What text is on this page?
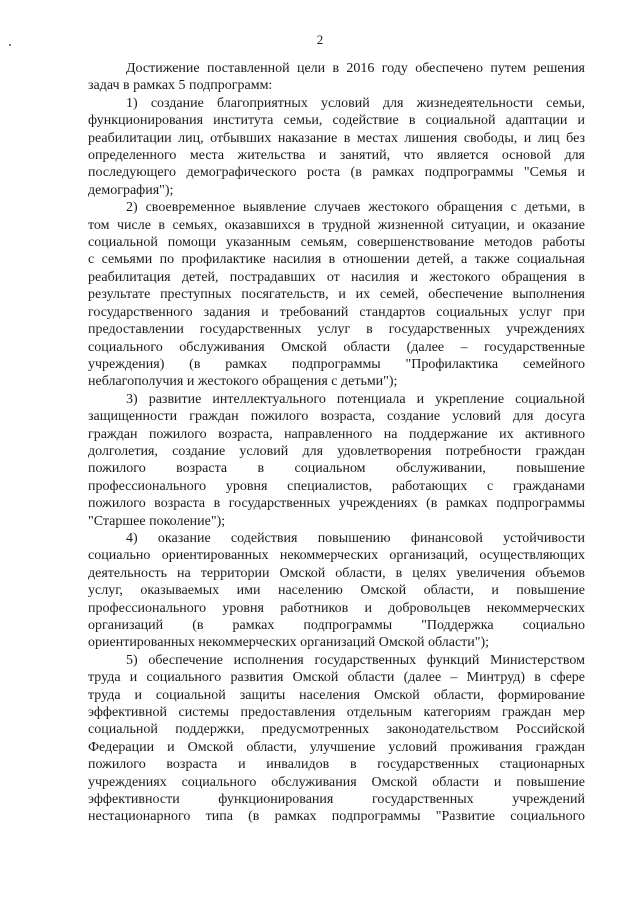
2

Достижение поставленной цели в 2016 году обеспечено путем решения
задач в рамках 5 подпрограмм:

1) создание благоприятных условий для жизнедеятельности семьи,
функционирования института семьи, содействие в социальной адаптации и
реабилитации лиц, отбывших наказание в местах лишения свободы, и лиц без
определенного места жительства и занятий, что является основой для
последующего демографического роста (в рамках подпрограммы "Семья и
демография");

2) своевременное выявление случаев жестокого обращения с детьми, в
том числе в семьях, оказавшихся в трудной жизненной ситуации, и оказание
социальной помощи указанным семьям, совершенствование методов работы
с семьями по профилактике насилия в отношении детей, а также социальная
реабилитация детей, пострадавших от насилия и жестокого обращения в
результате преступных посягательств, и их семей, обеспечение выполнения
государственного задания и требований стандартов социальных услуг при
предоставлении государственных услуг в государственных учреждениях
социального обслуживания Омской области (далее – государственные
учреждения) (в рамках подпрограммы "Профилактика семейного
неблагополучия и жестокого обращения с детьми");

3) развитие интеллектуального потенциала и укрепление социальной
защищенности граждан пожилого возраста, создание условий для досуга
граждан пожилого возраста, направленного на поддержание их активного
долголетия, создание условий для удовлетворения потребности граждан
пожилого возраста в социальном обслуживании, повышение
профессионального уровня специалистов, работающих с гражданами
пожилого возраста в государственных учреждениях (в рамках подпрограммы
"Старшее поколение");

4) оказание содействия повышению финансовой устойчивости
социально ориентированных некоммерческих организаций, осуществляющих
деятельность на территории Омской области, в целях увеличения объемов
услуг, оказываемых ими населению Омской области, и повышение
профессионального уровня работников и добровольцев некоммерческих
организаций (в рамках подпрограммы "Поддержка социально
ориентированных некоммерческих организаций Омской области");

5) обеспечение исполнения государственных функций Министерством
труда и социального развития Омской области (далее – Минтруд) в сфере
труда и социальной защиты населения Омской области, формирование
эффективной системы предоставления отдельным категориям граждан мер
социальной поддержки, предусмотренных законодательством Российской
Федерации и Омской области, улучшение условий проживания граждан
пожилого возраста и инвалидов в государственных стационарных
учреждениях социального обслуживания Омской области и повышение
эффективности функционирования государственных учреждений
нестационарного типа (в рамках подпрограммы "Развитие социального
